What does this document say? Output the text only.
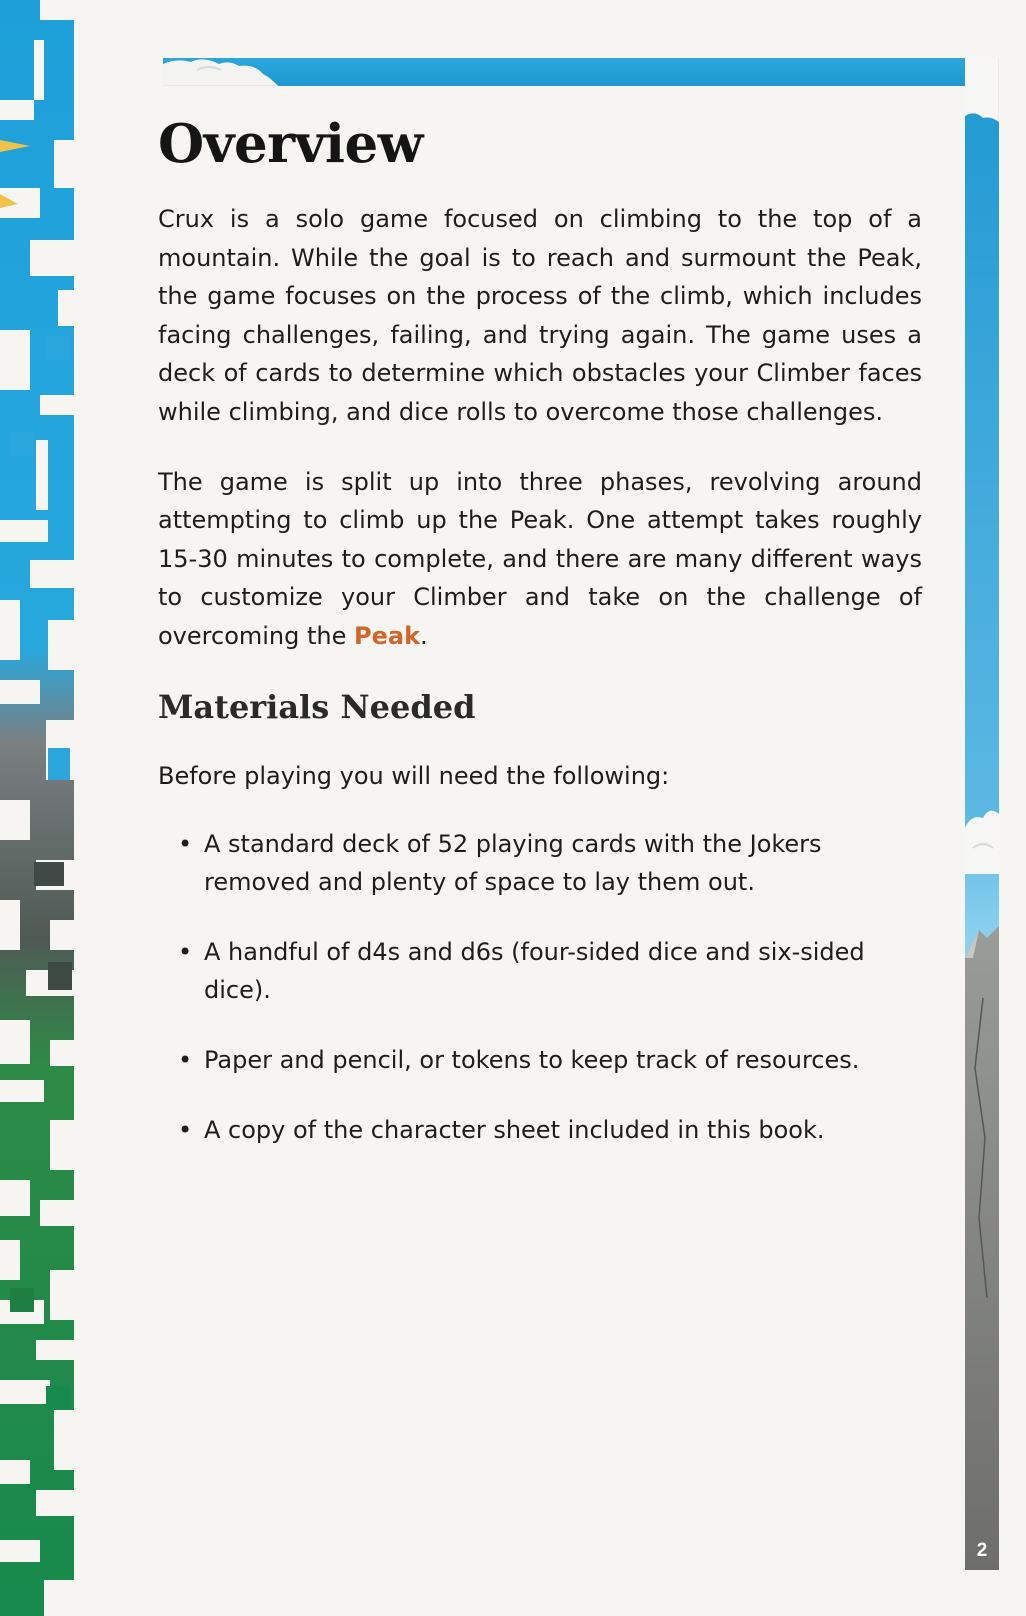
2
Overview

Crux is a solo game focused on climbing to the top of a mountain. While the goal is to reach and surmount the Peak, the game focuses on the process of the climb, which includes facing challenges, failing, and trying again. The game uses a deck of cards to determine which obstacles your Climber faces while climbing, and dice rolls to overcome those challenges.

The game is split up into three phases, revolving around attempting to climb up the Peak. One attempt takes roughly 15-30 minutes to complete, and there are many different ways to customize your Climber and take on the challenge of overcoming the Peak.

Materials Needed

Before playing you will need the following:

• A standard deck of 52 playing cards with the Jokers removed and plenty of space to lay them out.
• A handful of d4s and d6s (four-sided dice and six-sided dice).
• Paper and pencil, or tokens to keep track of resources.
• A copy of the character sheet included in this book.
